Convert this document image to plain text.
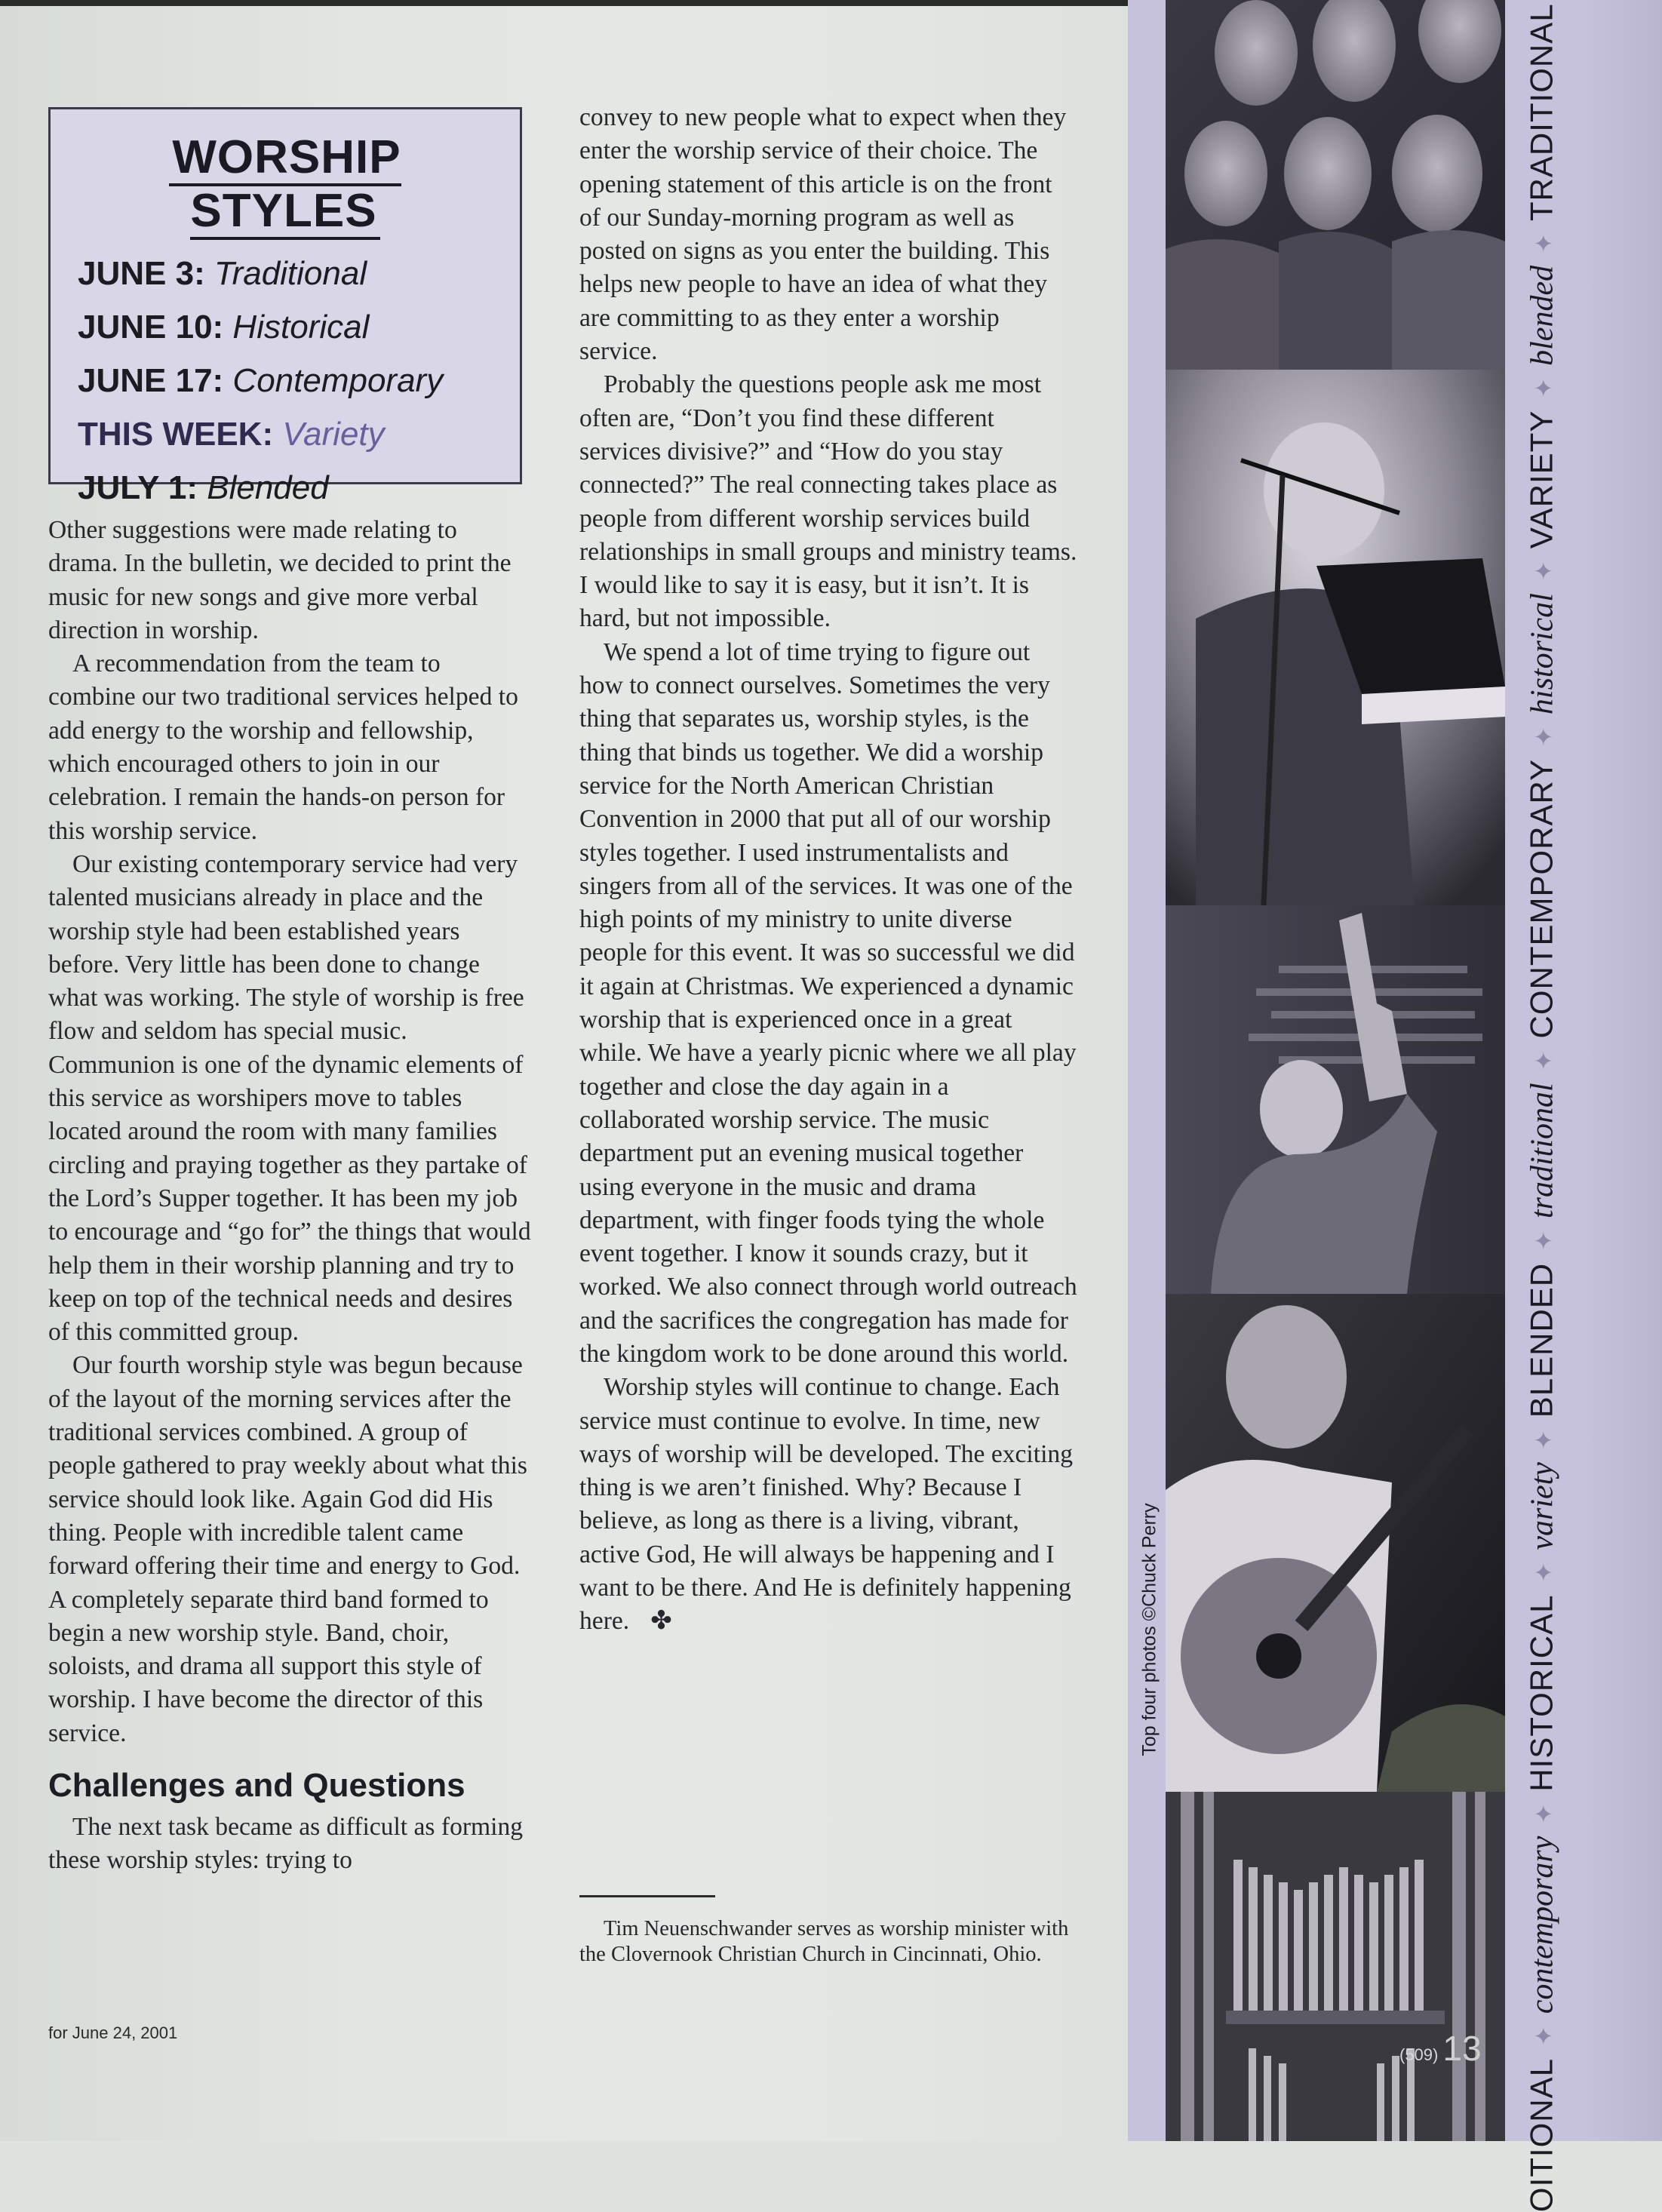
WORSHIP STYLES
JUNE 3: Traditional
JUNE 10: Historical
JUNE 17: Contemporary
THIS WEEK: Variety
JULY 1: Blended

Other suggestions were made relating to drama. In the bulletin, we decided to print the music for new songs and give more verbal direction in worship.

A recommendation from the team to combine our two traditional services helped to add energy to the worship and fellowship, which encouraged others to join in our celebration. I remain the hands-on person for this worship service.

Our existing contemporary service had very talented musicians already in place and the worship style had been established years before. Very little has been done to change what was working. The style of worship is free flow and seldom has special music. Communion is one of the dynamic elements of this service as worshipers move to tables located around the room with many families circling and praying together as they partake of the Lord’s Supper together. It has been my job to encourage and “go for” the things that would help them in their worship planning and try to keep on top of the technical needs and desires of this committed group.

Our fourth worship style was begun because of the layout of the morning services after the traditional services combined. A group of people gathered to pray weekly about what this service should look like. Again God did His thing. People with incredible talent came forward offering their time and energy to God. A completely separate third band formed to begin a new worship style. Band, choir, soloists, and drama all support this style of worship. I have become the director of this service.

Challenges and Questions

The next task became as difficult as forming these worship styles: trying to

convey to new people what to expect when they enter the worship service of their choice. The opening statement of this article is on the front of our Sunday-morning program as well as posted on signs as you enter the building. This helps new people to have an idea of what they are committing to as they enter a worship service.

Probably the questions people ask me most often are, “Don’t you find these different services divisive?” and “How do you stay connected?” The real connecting takes place as people from different worship services build relationships in small groups and ministry teams. I would like to say it is easy, but it isn’t. It is hard, but not impossible.

We spend a lot of time trying to figure out how to connect ourselves. Sometimes the very thing that separates us, worship styles, is the thing that binds us together. We did a worship service for the North American Christian Convention in 2000 that put all of our worship styles together. I used instrumentalists and singers from all of the services. It was one of the high points of my ministry to unite diverse people for this event. It was so successful we did it again at Christmas. We experienced a dynamic worship that is experienced once in a great while. We have a yearly picnic where we all play together and close the day again in a collaborated worship service. The music department put an evening musical together using everyone in the music and drama department, with finger foods tying the whole event together. I know it sounds crazy, but it worked. We also connect through world outreach and the sacrifices the congregation has made for the kingdom work to be done around this world.

Worship styles will continue to change. Each service must continue to evolve. In time, new ways of worship will be developed. The exciting thing is we aren’t finished. Why? Because I believe, as long as there is a living, vibrant, active God, He will always be happening and I want to be there. And He is definitely happening here. ✤

Tim Neuenschwander serves as worship minister with the Clovernook Christian Church in Cincinnati, Ohio.

for June 24, 2001
Top four photos ©Chuck Perry
(509) 13
OITIONAL✦contemporary✦HISTORICAL✦variety✦BLENDED✦traditional✦CONTEMPORARY✦historical✦VARIETY✦blended✦TRADITIONAL
